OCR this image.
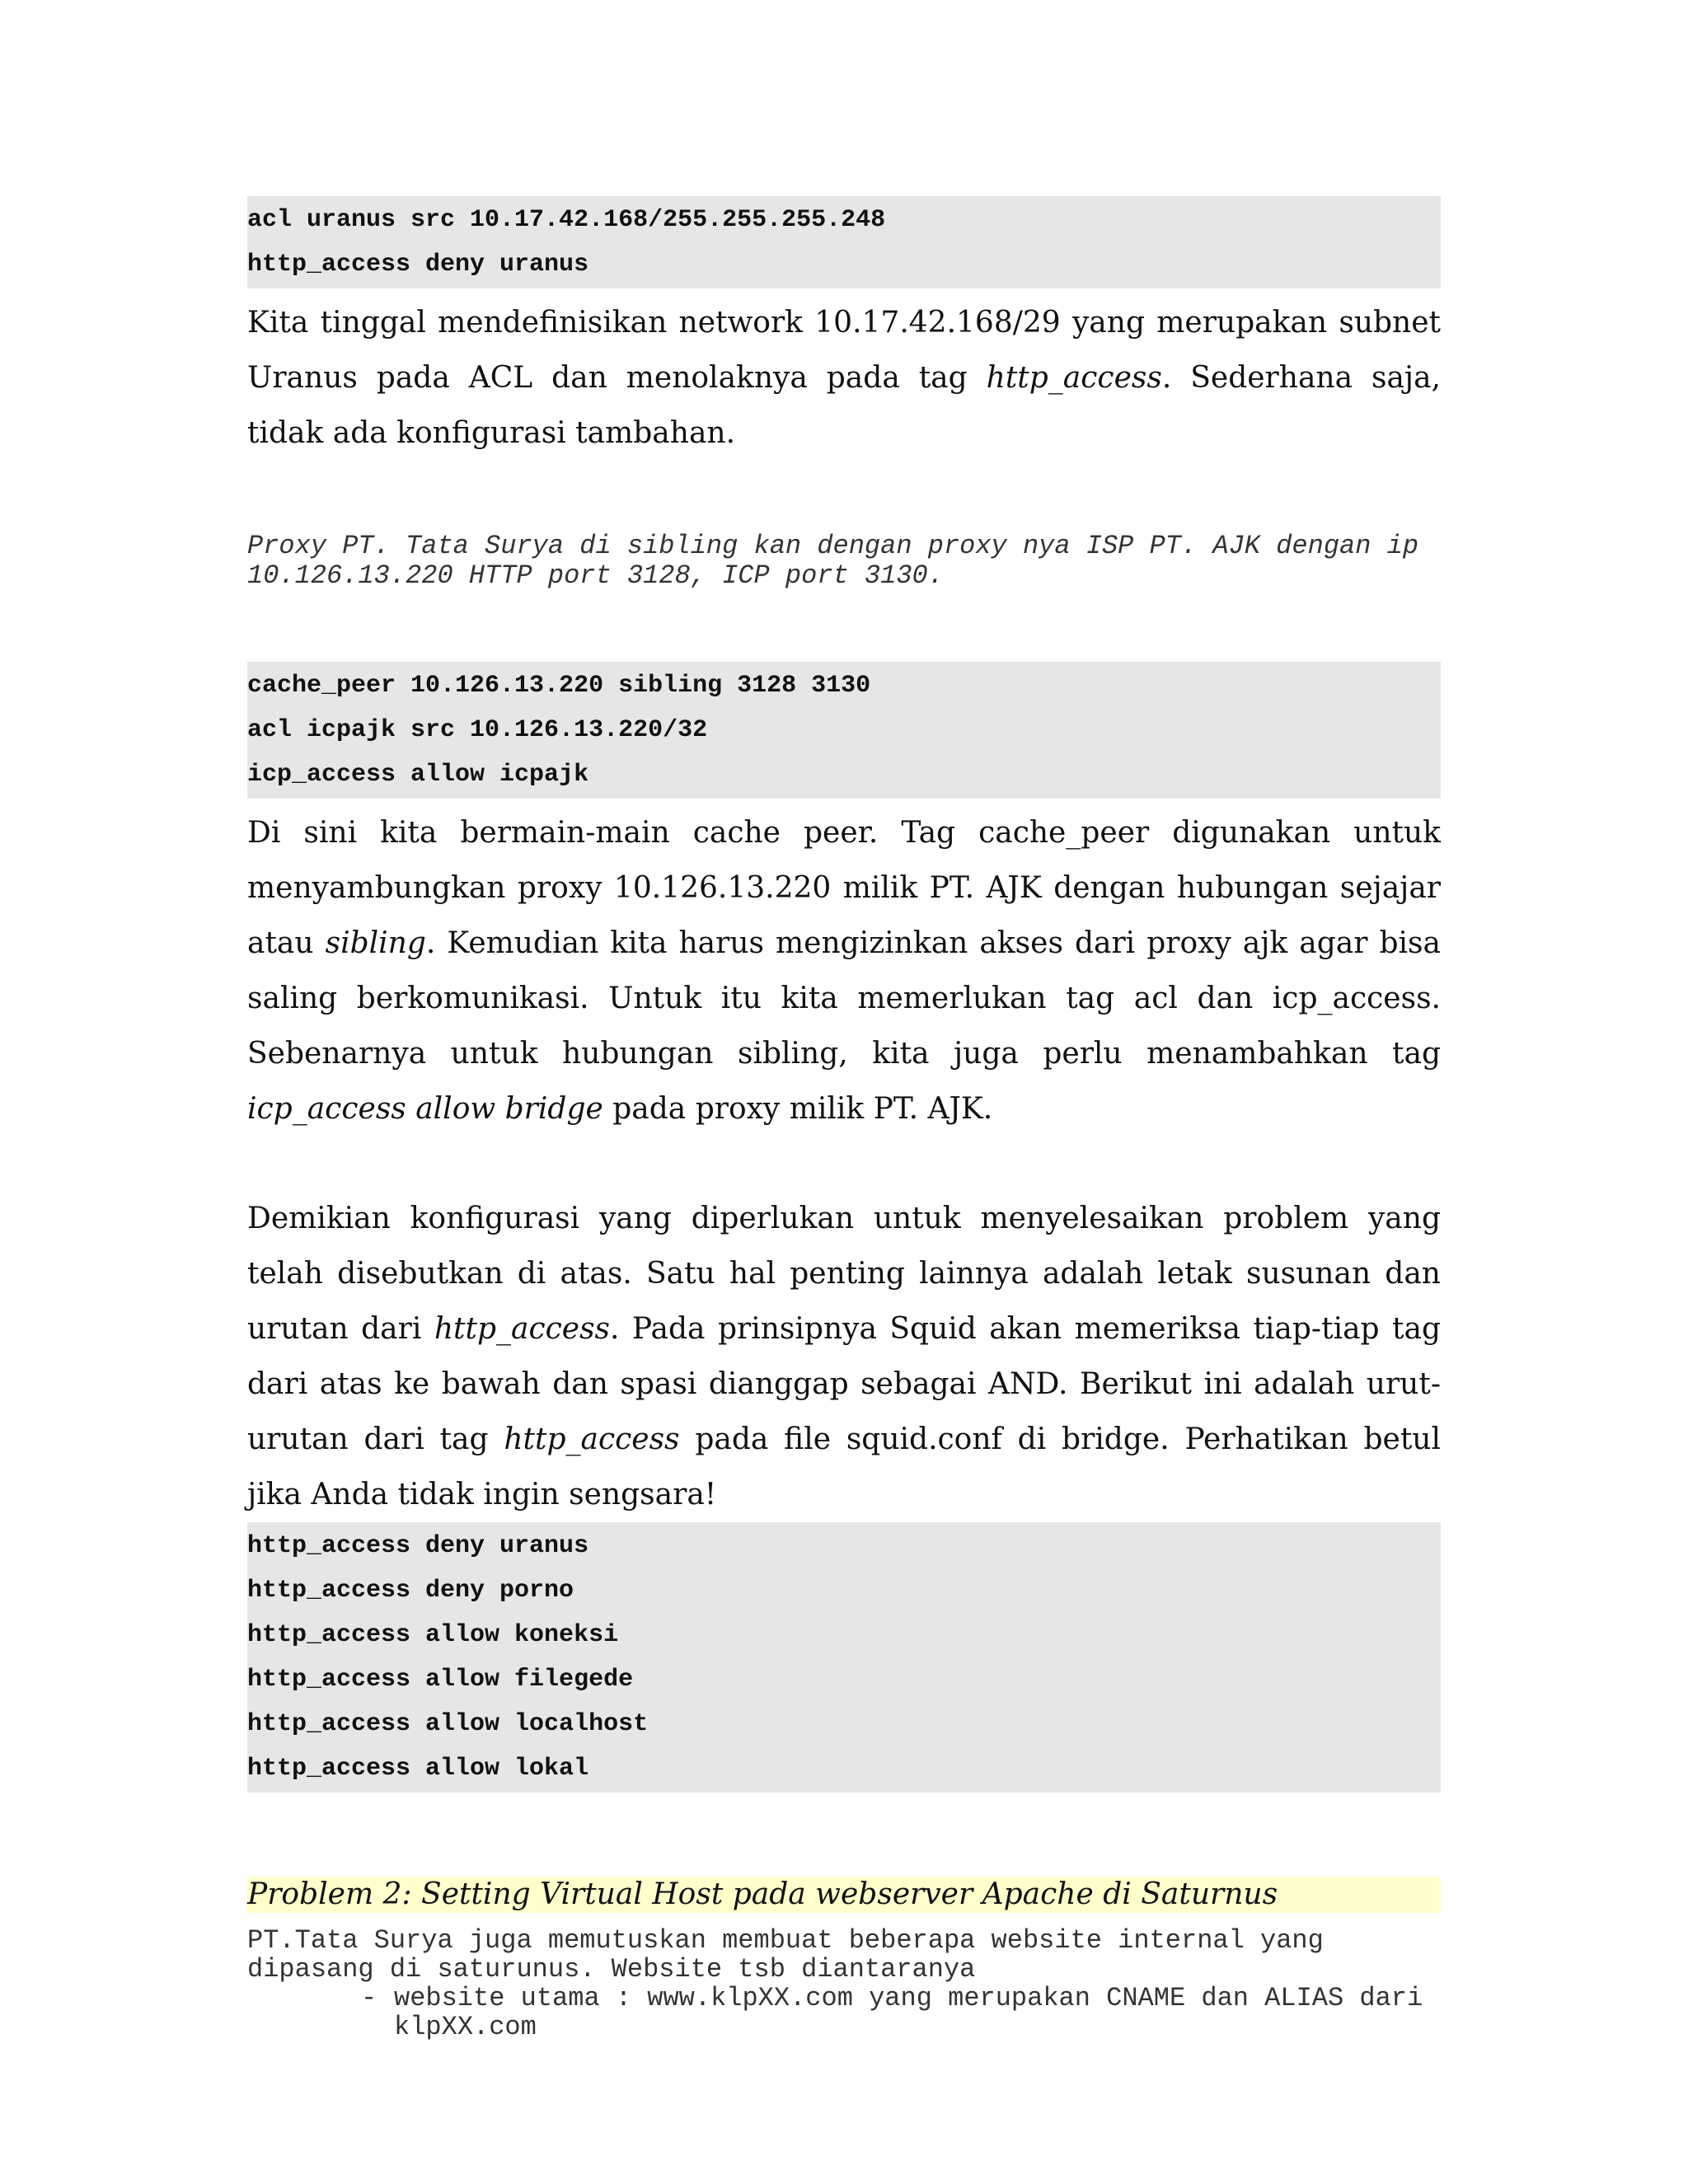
acl uranus src 10.17.42.168/255.255.255.248
http_access deny uranus

Kita tinggal mendefinisikan network 10.17.42.168/29 yang merupakan subnet Uranus pada ACL dan menolaknya pada tag http_access. Sederhana saja, tidak ada konfigurasi tambahan.

Proxy PT. Tata Surya di sibling kan dengan proxy nya ISP PT. AJK dengan ip 10.126.13.220 HTTP port 3128, ICP port 3130.

cache_peer 10.126.13.220 sibling 3128 3130
acl icpajk src 10.126.13.220/32
icp_access allow icpajk

Di sini kita bermain-main cache peer. Tag cache_peer digunakan untuk menyambungkan proxy 10.126.13.220 milik PT. AJK dengan hubungan sejajar atau sibling. Kemudian kita harus mengizinkan akses dari proxy ajk agar bisa saling berkomunikasi. Untuk itu kita memerlukan tag acl dan icp_access. Sebenarnya untuk hubungan sibling, kita juga perlu menambahkan tag icp_access allow bridge pada proxy milik PT. AJK.

Demikian konfigurasi yang diperlukan untuk menyelesaikan problem yang telah disebutkan di atas. Satu hal penting lainnya adalah letak susunan dan urutan dari http_access. Pada prinsipnya Squid akan memeriksa tiap-tiap tag dari atas ke bawah dan spasi dianggap sebagai AND. Berikut ini adalah urut-urutan dari tag http_access pada file squid.conf di bridge. Perhatikan betul jika Anda tidak ingin sengsara!

http_access deny uranus
http_access deny porno
http_access allow koneksi
http_access allow filegede
http_access allow localhost
http_access allow lokal
Problem 2: Setting Virtual Host pada webserver Apache di Saturnus

PT.Tata Surya juga memutuskan membuat beberapa website internal yang dipasang di saturunus. Website tsb diantaranya

- website utama : www.klpXX.com yang merupakan CNAME dan ALIAS dari klpXX.com
